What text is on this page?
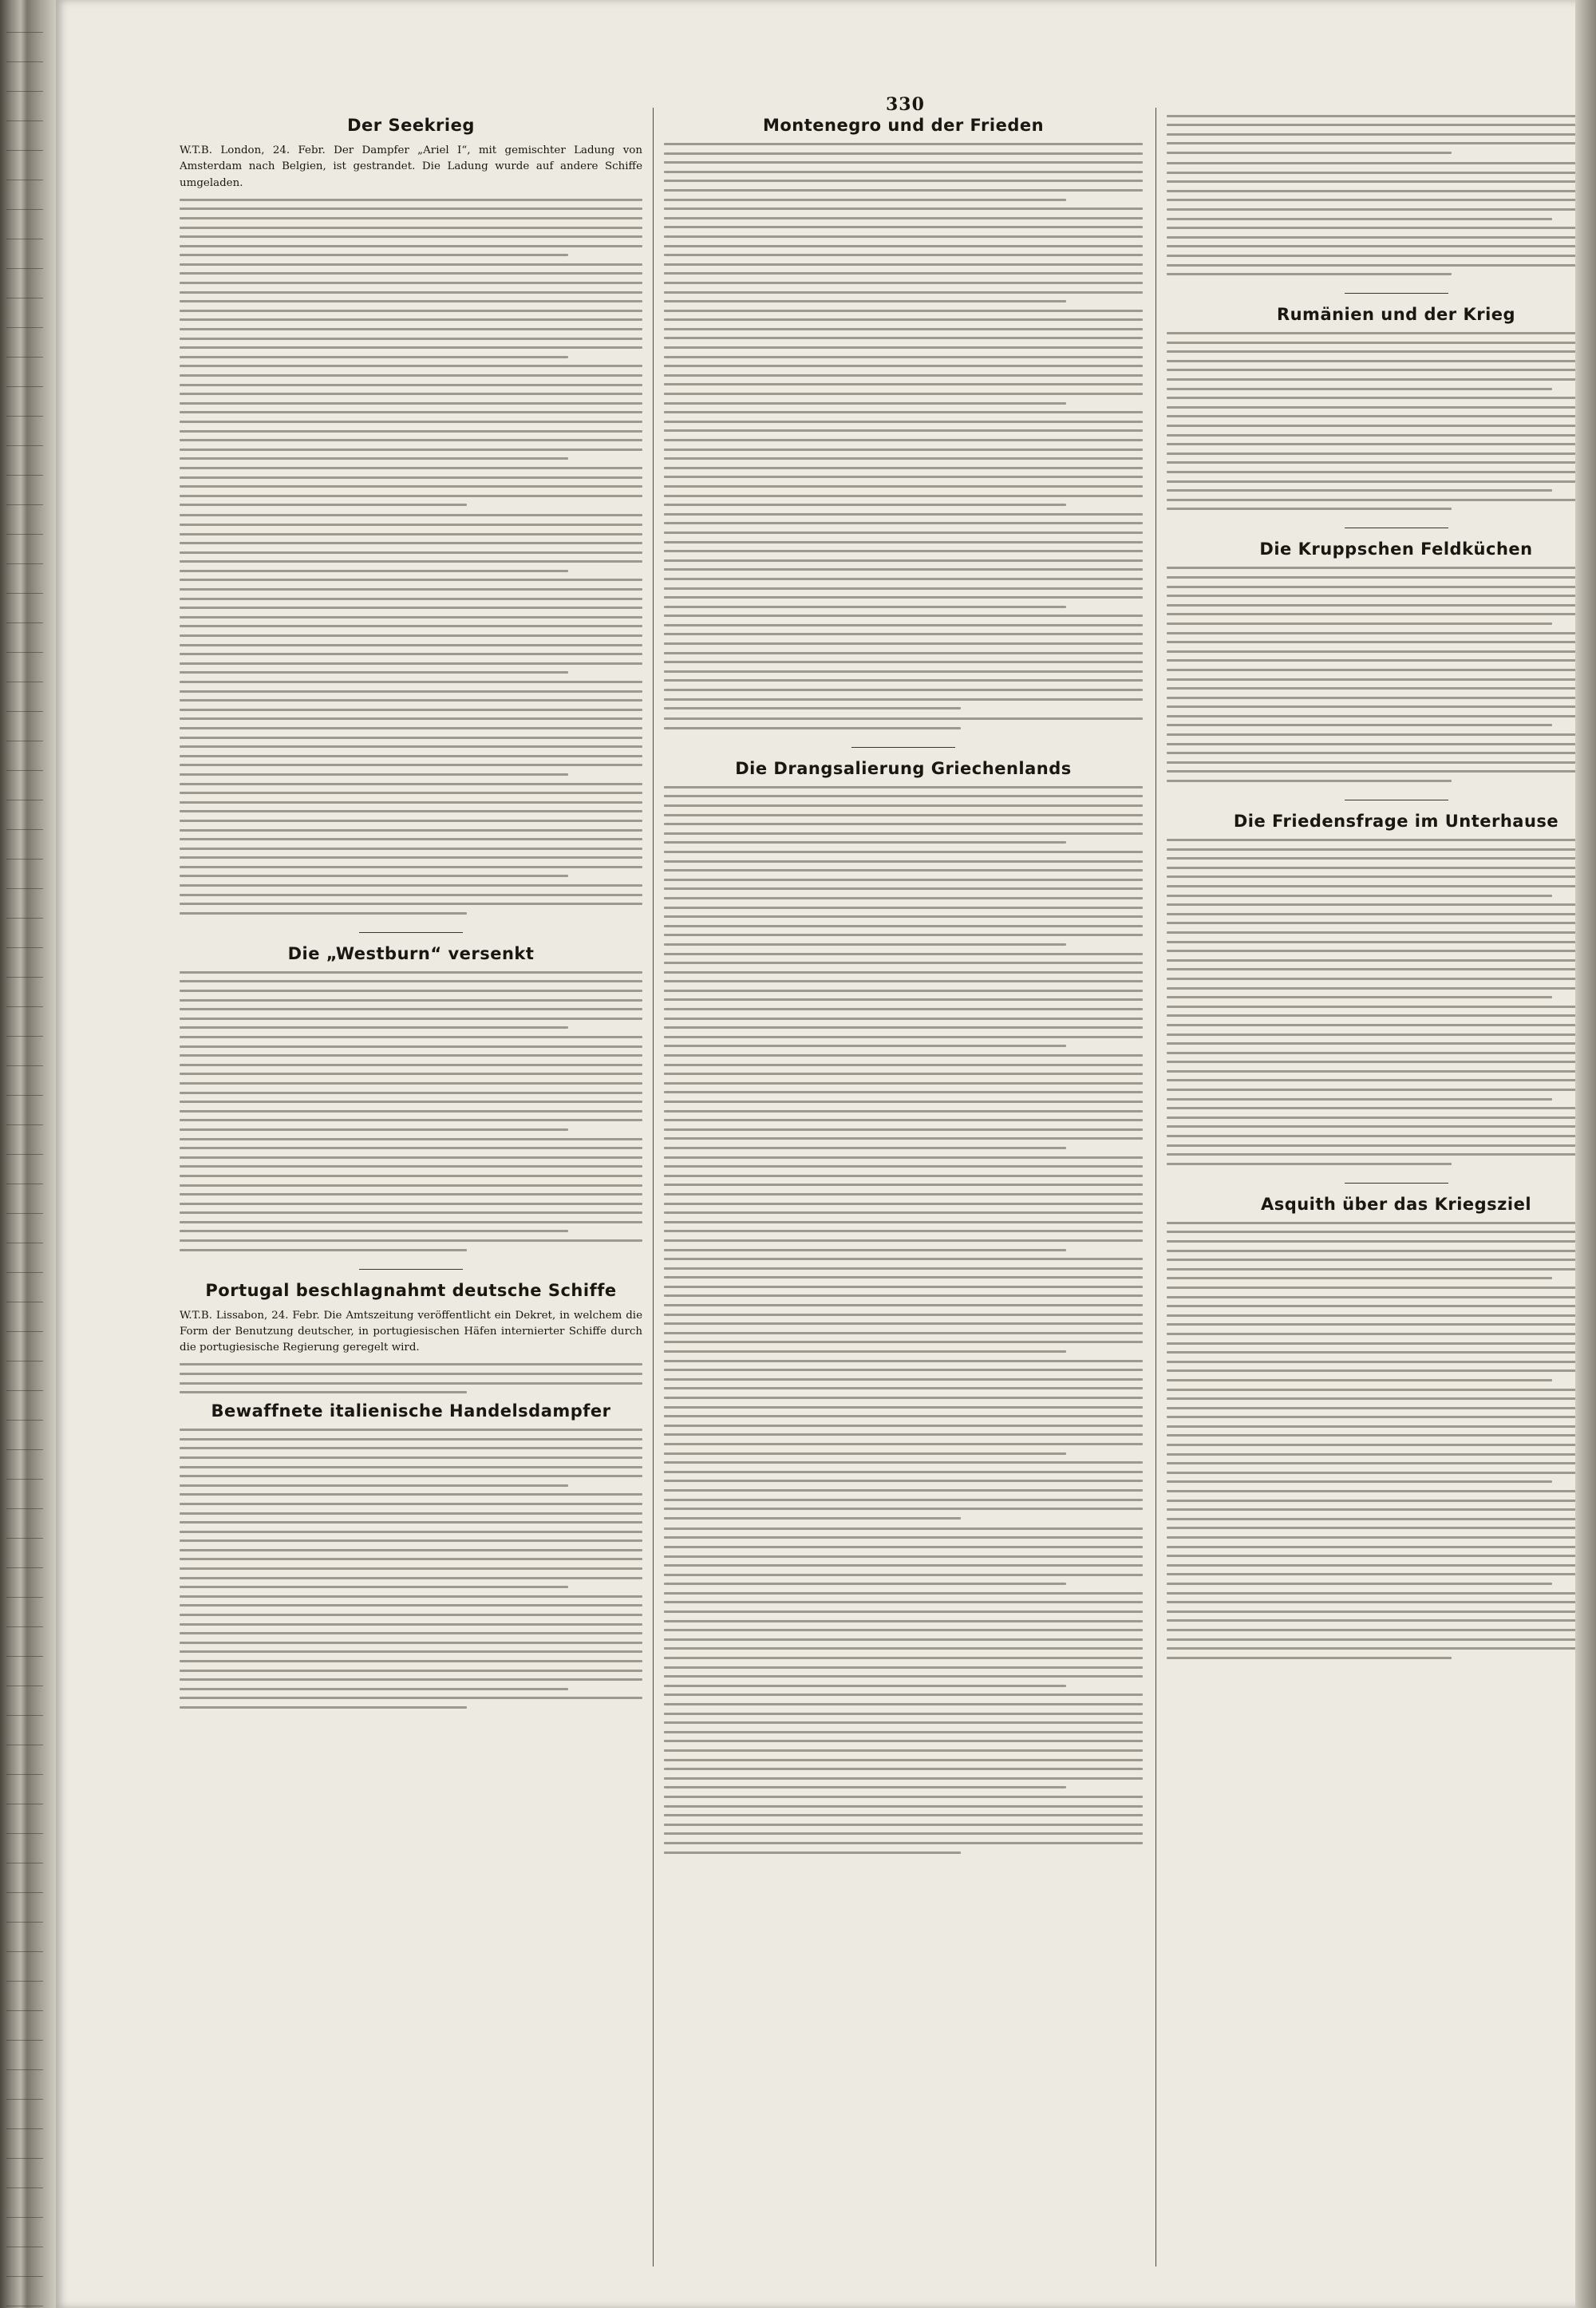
330
Der Seekrieg

W.T.B. London, 24. Febr. Der Dampfer „Ariel I“, mit gemischter Ladung von Amsterdam nach Belgien, ist gestrandet. Die Ladung wurde auf andere Schiffe umgeladen.

Die „Westburn“ versenkt
Portugal beschlagnahmt deutsche Schiffe

W.T.B. Lissabon, 24. Febr. Die Amtszeitung veröffentlicht ein Dekret, in welchem die Form der Benutzung deutscher, in portugiesischen Häfen internierter Schiffe durch die portugiesische Regierung geregelt wird.

Bewaffnete italienische Handelsdampfer
Montenegro und der Frieden
Die Drangsalierung Griechenlands
Rumänien und der Krieg
Die Kruppschen Feldküchen
Die Friedensfrage im Unterhause
Asquith über das Kriegsziel
